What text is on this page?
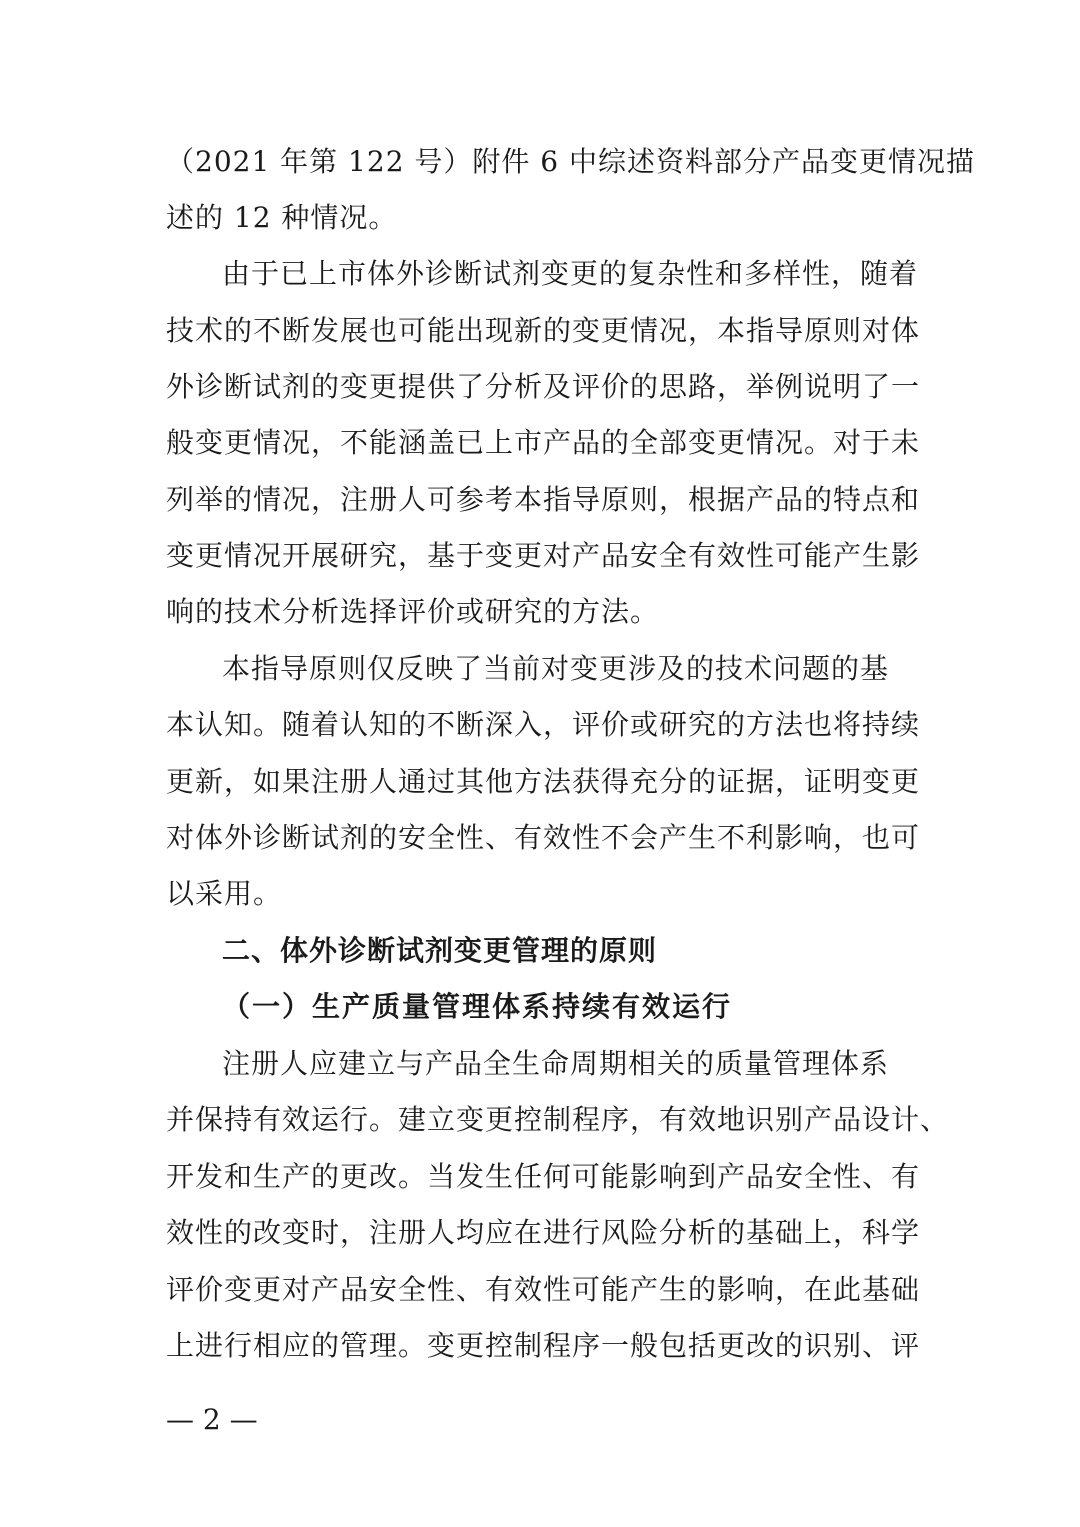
（2021 年第 122 号）附件 6 中综述资料部分产品变更情况描
述的 12 种情况。
由于已上市体外诊断试剂变更的复杂性和多样性，随着
技术的不断发展也可能出现新的变更情况，本指导原则对体
外诊断试剂的变更提供了分析及评价的思路，举例说明了一
般变更情况，不能涵盖已上市产品的全部变更情况。对于未
列举的情况，注册人可参考本指导原则，根据产品的特点和
变更情况开展研究，基于变更对产品安全有效性可能产生影
响的技术分析选择评价或研究的方法。
本指导原则仅反映了当前对变更涉及的技术问题的基
本认知。随着认知的不断深入，评价或研究的方法也将持续
更新，如果注册人通过其他方法获得充分的证据，证明变更
对体外诊断试剂的安全性、有效性不会产生不利影响，也可
以采用。
二、体外诊断试剂变更管理的原则
（一）生产质量管理体系持续有效运行
注册人应建立与产品全生命周期相关的质量管理体系
并保持有效运行。建立变更控制程序，有效地识别产品设计、
开发和生产的更改。当发生任何可能影响到产品安全性、有
效性的改变时，注册人均应在进行风险分析的基础上，科学
评价变更对产品安全性、有效性可能产生的影响，在此基础
上进行相应的管理。变更控制程序一般包括更改的识别、评
— 2 —
